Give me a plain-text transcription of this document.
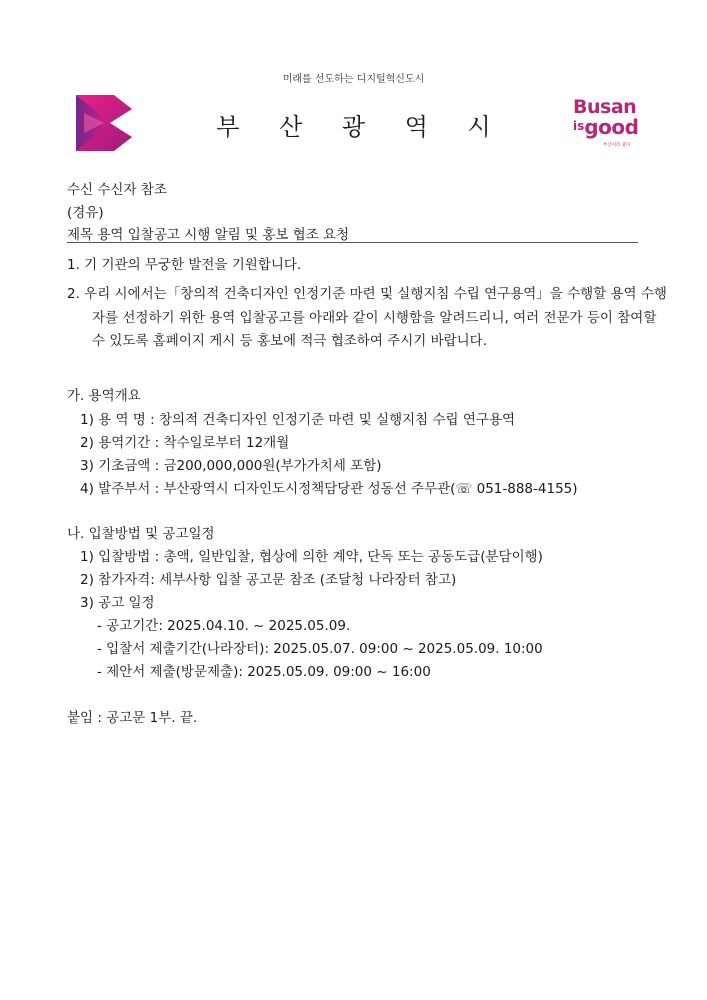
미래를 선도하는 디지털혁신도시
부 산 광 역 시
Busan
isgood
부산이라 좋다
수신 수신자 참조
(경유)
제목 용역 입찰공고 시행 알림 및 홍보 협조 요청
1. 기 기관의 무궁한 발전을 기원합니다.
2. 우리 시에서는「창의적 건축디자인 인정기준 마련 및 실행지침 수립 연구용역」을 수행할 용역 수행자를 선정하기 위한 용역 입찰공고를 아래와 같이 시행함을 알려드리니, 여러 전문가 등이 참여할 수 있도록 홈페이지 게시 등 홍보에 적극 협조하여 주시기 바랍니다.
가. 용역개요
1) 용 역 명 : 창의적 건축디자인 인정기준 마련 및 실행지침 수립 연구용역
2) 용역기간 : 착수일로부터 12개월
3) 기초금액 : 금200,000,000원(부가가치세 포함)
4) 발주부서 : 부산광역시 디자인도시정책담당관 성동선 주무관(☏ 051-888-4155)
나. 입찰방법 및 공고일정
1) 입찰방법 : 총액, 일반입찰, 협상에 의한 계약, 단독 또는 공동도급(분담이행)
2) 참가자격: 세부사항 입찰 공고문 참조 (조달청 나라장터 참고)
3) 공고 일정
- 공고기간: 2025.04.10. ~ 2025.05.09.
- 입찰서 제출기간(나라장터): 2025.05.07. 09:00 ~ 2025.05.09. 10:00
- 제안서 제출(방문제출): 2025.05.09. 09:00 ~ 16:00
붙임 : 공고문 1부. 끝.
